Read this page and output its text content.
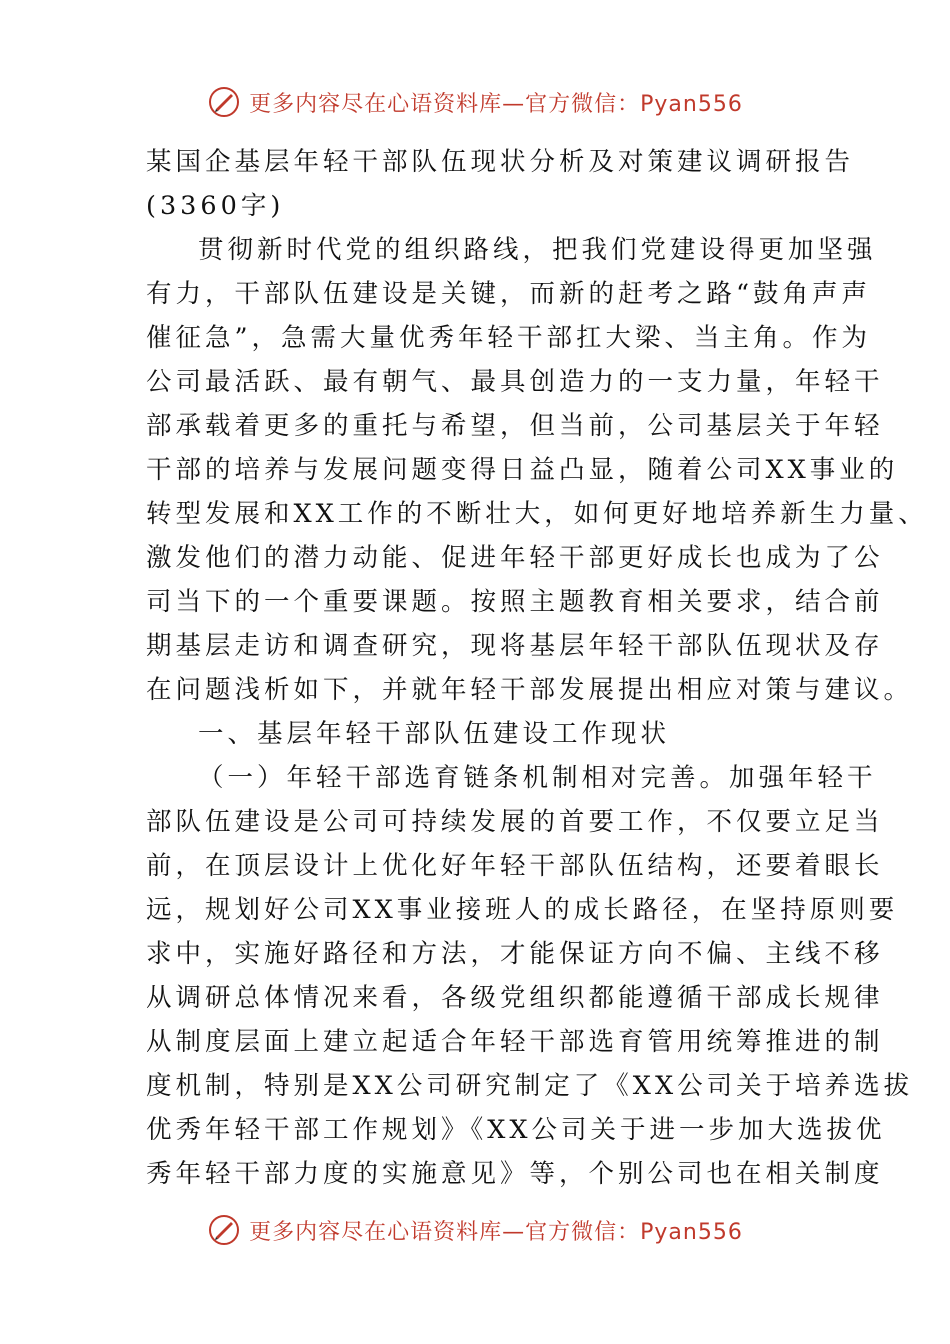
更多内容尽在心语资料库—官方微信：Pyan556
某国企基层年轻干部队伍现状分析及对策建议调研报告
(3360字)
贯彻新时代党的组织路线，把我们党建设得更加坚强
有力，干部队伍建设是关键，而新的赶考之路“鼓角声声
催征急”，急需大量优秀年轻干部扛大梁、当主角。作为
公司最活跃、最有朝气、最具创造力的一支力量，年轻干
部承载着更多的重托与希望，但当前，公司基层关于年轻
干部的培养与发展问题变得日益凸显，随着公司XX事业的
转型发展和XX工作的不断壮大，如何更好地培养新生力量、
激发他们的潜力动能、促进年轻干部更好成长也成为了公
司当下的一个重要课题。按照主题教育相关要求，结合前
期基层走访和调查研究，现将基层年轻干部队伍现状及存
在问题浅析如下，并就年轻干部发展提出相应对策与建议。
一、基层年轻干部队伍建设工作现状
（一）年轻干部选育链条机制相对完善。加强年轻干
部队伍建设是公司可持续发展的首要工作，不仅要立足当
前，在顶层设计上优化好年轻干部队伍结构，还要着眼长
远，规划好公司XX事业接班人的成长路径，在坚持原则要
求中，实施好路径和方法，才能保证方向不偏、主线不移
从调研总体情况来看，各级党组织都能遵循干部成长规律
从制度层面上建立起适合年轻干部选育管用统筹推进的制
度机制，特别是XX公司研究制定了《XX公司关于培养选拔
优秀年轻干部工作规划》《XX公司关于进一步加大选拔优
秀年轻干部力度的实施意见》等，个别公司也在相关制度
更多内容尽在心语资料库—官方微信：Pyan556
